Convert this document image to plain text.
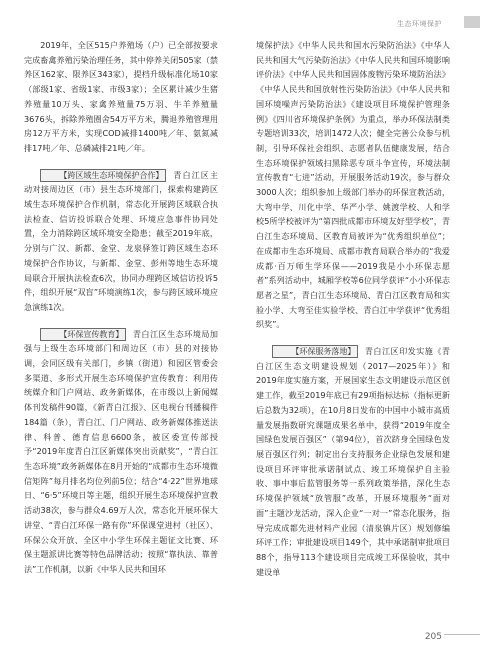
生态环境保护

2019年，全区515户养殖场（户）已全部按要求完成畜禽养殖污染治理任务，其中停养关闭505家（禁养区162家、限养区343家），提档升级标准化场10家（部级1家、省级1家、市级3家）；全区累计减少生猪养殖量10万头、家禽养殖量75万羽、牛羊养殖量3676头，拆除养殖圈舍54万平方米，腾退养殖管理用房12万平方米，实现COD减排1400吨／年、氨氮减排17吨／年、总磷减排21吨／年。

【跨区域生态环境保护合作】 青白江区主动对接周边区（市）县生态环境部门，探索构建跨区域生态环境保护合作机制，常态化开展跨区域联合执法检查、信访投诉联合处理、环境应急事件协同处置，全力消除跨区域环境安全隐患；截至2019年底，分别与广汉、新都、金堂、龙泉驿签订跨区域生态环境保护合作协议，与新都、金堂、彭州等地生态环境局联合开展执法检查6次，协同办理跨区域信访投诉5件，组织开展“双盲”环境演练1次，参与跨区域环境应急演练1次。

【环保宣传教育】 青白江区生态环境局加强与上级生态环境部门和周边区（市）县的对接协调，会同区级有关部门，乡镇（街道）和园区管委会多渠道、多形式开展生态环境保护宣传教育：利用传统媒介和门户网站、政务新媒体，在市级以上新闻媒体刊发稿件90篇，《新青白江报》、区电视台刊播稿件184篇（条），青白江、门户网站、政务新媒体推送法律、科普、德育信息6600条，被区委宣传部授予“2019年度青白江区新媒体突出贡献奖”，“青白江生态环境”政务新媒体在8月开始的“成都市生态环境微信矩阵”每月排名均位列前5位；结合“4·22”世界地球日、“6·5”环境日等主题，组织开展生态环境保护宣教活动38次，参与群众4.69万人次，常态化开展环保大讲堂、“青白江环保一路有你”环保课堂进村（社区）、环保公众开放、全区中小学生环保主题征文比赛、环保主题派讲比赛等特色品牌活动；按照“靠执法、靠普法”工作机制，以新《中华人民共和国环

境保护法》《中华人民共和国水污染防治法》《中华人民共和国大气污染防治法》《中华人民共和国环境影响评价法》《中华人民共和国固体废物污染环境防治法》《中华人民共和国放射性污染防治法》《中华人民共和国环境噪声污染防治法》《建设项目环境保护管理条例》《四川省环境保护条例》为重点，举办环保法制类专题培训33次，培训1472人次；健全完善公众参与机制，引导环保社会组织、志愿者队伍健康发展，结合生态环境保护领域扫黑除恶专项斗争宣传，环境法制宣传教育“七进”活动，开展服务活动19次，参与群众3000人次；组织参加上级部门举办的环保宣教活动，大弯中学、川化中学、华严小学、姚渡学校、人和学校5所学校被评为“第四批成都市环境友好型学校”，青白江生态环境局、区教育局被评为“优秀组织单位”；在成都市生态环境局、成都市教育局联合举办的“我爱成都·百万师生学环保——2019我是小小环保志愿者”系列活动中，城厢学校等6位同学获评“小小环保志愿者之星”，青白江生态环境局、青白江区教育局和实验小学、大弯至佳实验学校、青白江中学获评“优秀组织奖”。

【环保服务落地】 青白江区印发实施《青白江区生态文明建设规划（2017—2025年）》和2019年度实施方案，开展国家生态文明建设示范区创建工作，截至2019年底已有29项指标达标（指标更新后总数为32项），在10月8日发布的中国中小城市高质量发展指数研究课题成果名单中，获得“2019年度全国绿色发展百强区”（第94位），首次跻身全国绿色发展百强区行列；制定出台支持服务企业绿色发展和建设项目环评审批承诺制试点、竣工环境保护自主验收、事中事后监管服务等一系列政策举措，深化生态环境保护领域“放管服”改革，开展环境服务“面对面”主题沙龙活动，深入企业“一对一”常态化服务，指导完成成都先进材料产业园（清泉镇片区）规划修编环评工作；审批建设项目149个，其中承诺制审批项目88个，指导113个建设项目完成竣工环保验收，其中建设单

205
